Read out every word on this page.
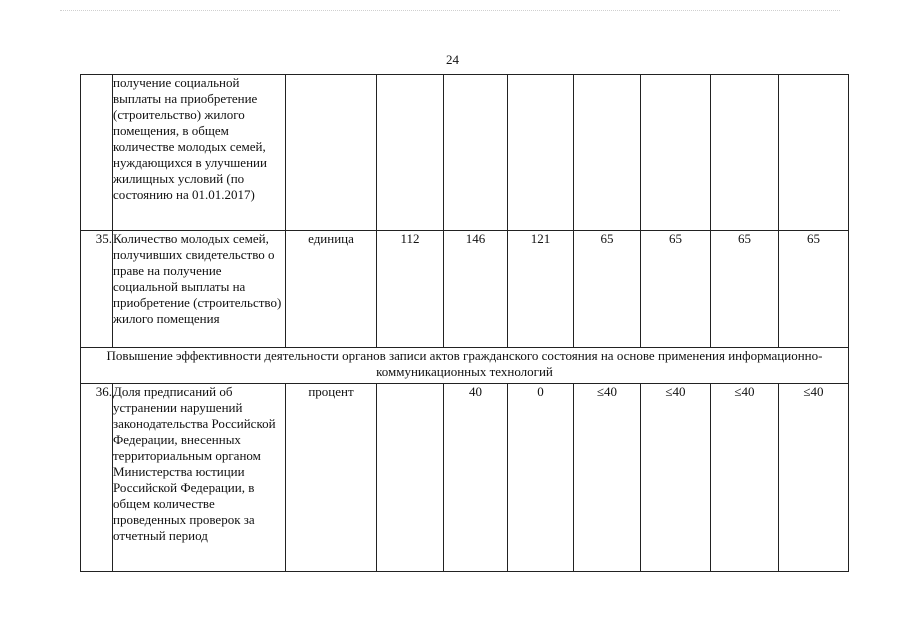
24
	получение социальной выплаты на приобретение (строительство) жилого помещения, в общем количестве молодых семей, нуждающихся в улучшении жилищных условий (по состоянию на 01.01.2017)								
35.	Количество молодых семей, получивших свидетельство о праве на получение социальной выплаты на приобретение (строительство) жилого помещения	единица	112	146	121	65	65	65	65
Повышение эффективности деятельности органов записи актов гражданского состояния на основе применения информационно-коммуникационных технологий									
36.	Доля предписаний об устранении нарушений законодательства Российской Федерации, внесенных территориальным органом Министерства юстиции Российской Федерации, в общем количестве проведенных проверок за отчетный период	процент		40	0	≤40	≤40	≤40	≤40
